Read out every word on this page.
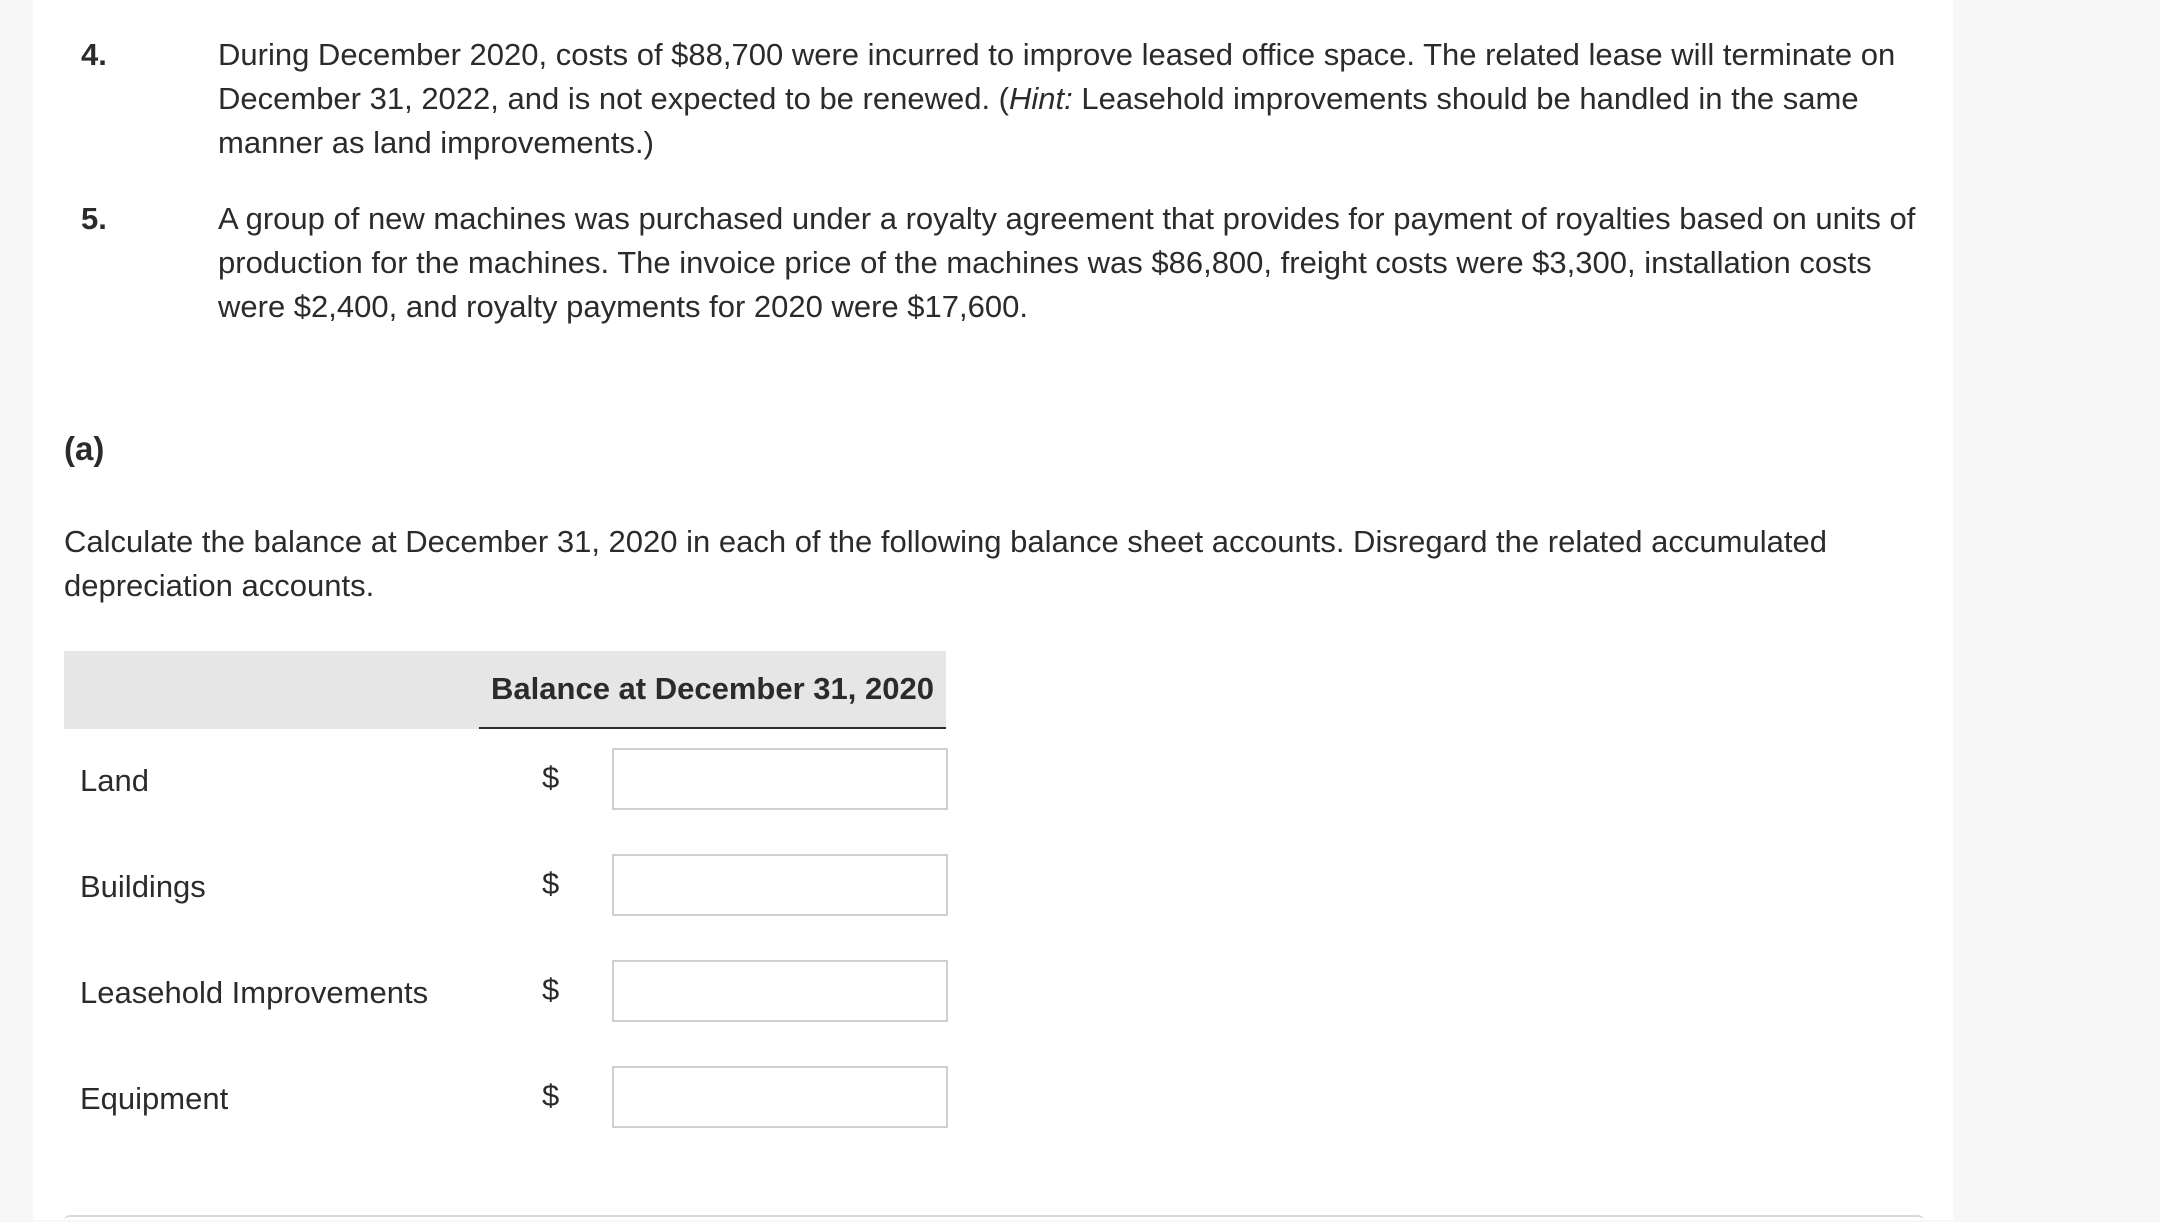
4.	During December 2020, costs of $88,700 were incurred to improve leased office space. The related lease will terminate on December 31, 2022, and is not expected to be renewed. (Hint: Leasehold improvements should be handled in the same manner as land improvements.)
5.	A group of new machines was purchased under a royalty agreement that provides for payment of royalties based on units of production for the machines. The invoice price of the machines was $86,800, freight costs were $3,300, installation costs were $2,400, and royalty payments for 2020 were $17,600.
(a)
Calculate the balance at December 31, 2020 in each of the following balance sheet accounts. Disregard the related accumulated depreciation accounts.
Balance at December 31, 2020
Land	$
Buildings	$
Leasehold Improvements	$
Equipment	$
